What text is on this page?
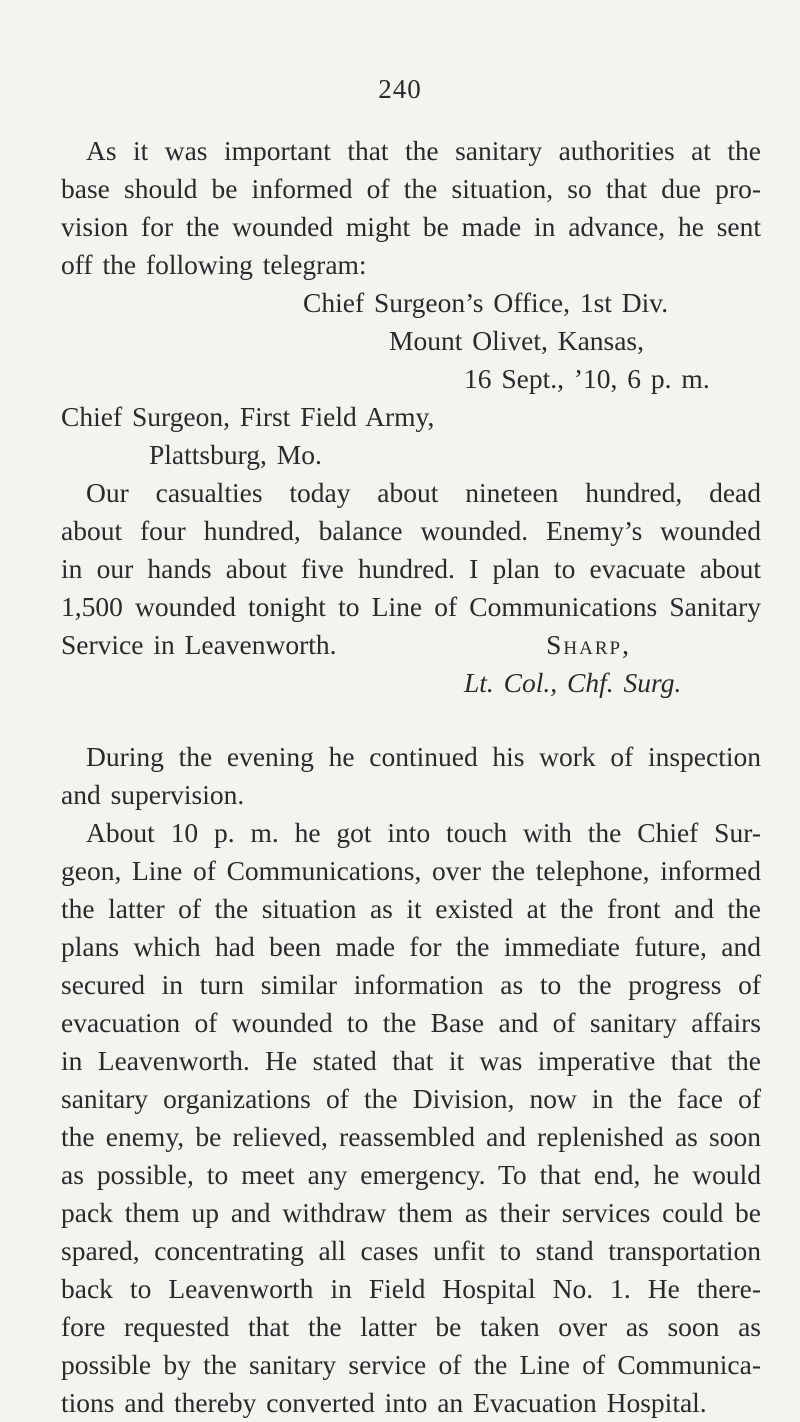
240
As it was important that the sanitary authorities at the
base should be informed of the situation, so that due pro-
vision for the wounded might be made in advance, he sent
off the following telegram:
Chief Surgeon’s Office, 1st Div.
Mount Olivet, Kansas,
16 Sept., ’10, 6 p. m.
Chief Surgeon, First Field Army,
Plattsburg, Mo.
Our casualties today about nineteen hundred, dead
about four hundred, balance wounded. Enemy’s wounded
in our hands about five hundred. I plan to evacuate about
1,500 wounded tonight to Line of Communications Sanitary
Service in Leavenworth.	Sharp,
Lt. Col., Chf. Surg.
During the evening he continued his work of inspection
and supervision.
About 10 p. m. he got into touch with the Chief Sur-
geon, Line of Communications, over the telephone, informed
the latter of the situation as it existed at the front and the
plans which had been made for the immediate future, and
secured in turn similar information as to the progress of
evacuation of wounded to the Base and of sanitary affairs
in Leavenworth. He stated that it was imperative that the
sanitary organizations of the Division, now in the face of
the enemy, be relieved, reassembled and replenished as soon
as possible, to meet any emergency. To that end, he would
pack them up and withdraw them as their services could be
spared, concentrating all cases unfit to stand transportation
back to Leavenworth in Field Hospital No. 1. He there-
fore requested that the latter be taken over as soon as
possible by the sanitary service of the Line of Communica-
tions and thereby converted into an Evacuation Hospital.
